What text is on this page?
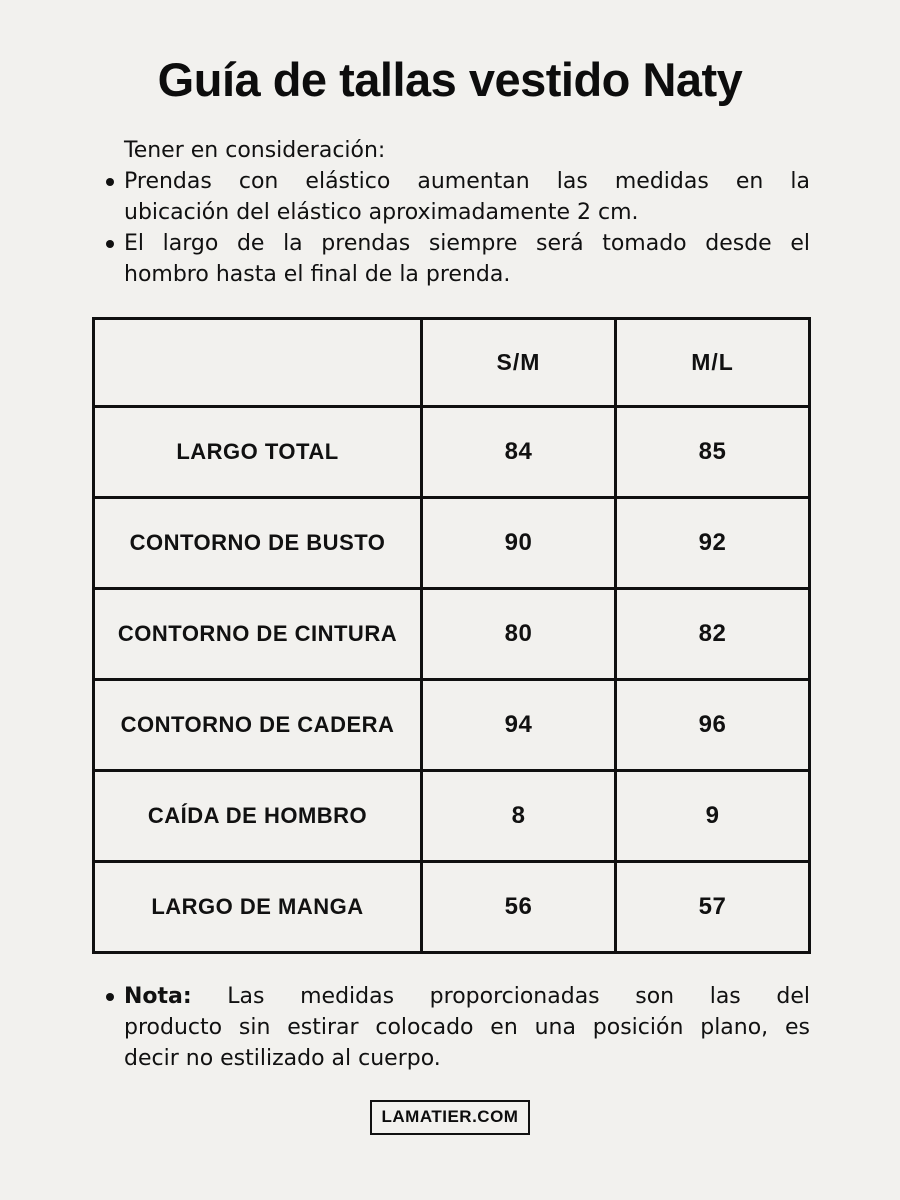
Guía de tallas vestido Naty

Tener en consideración:

Prendas con elástico aumentan las medidas en la
ubicación del elástico aproximadamente 2 cm.
El largo de la prendas siempre será tomado desde el
hombro hasta el final de la prenda.
	S/M	M/L
LARGO TOTAL	84	85
CONTORNO DE BUSTO	90	92
CONTORNO DE CINTURA	80	82
CONTORNO DE CADERA	94	96
CAÍDA DE HOMBRO	8	9
LARGO DE MANGA	56	57
Nota: Las medidas proporcionadas son las del
producto sin estirar colocado en una posición plano, es
decir no estilizado al cuerpo.
LAMATIER.COM
